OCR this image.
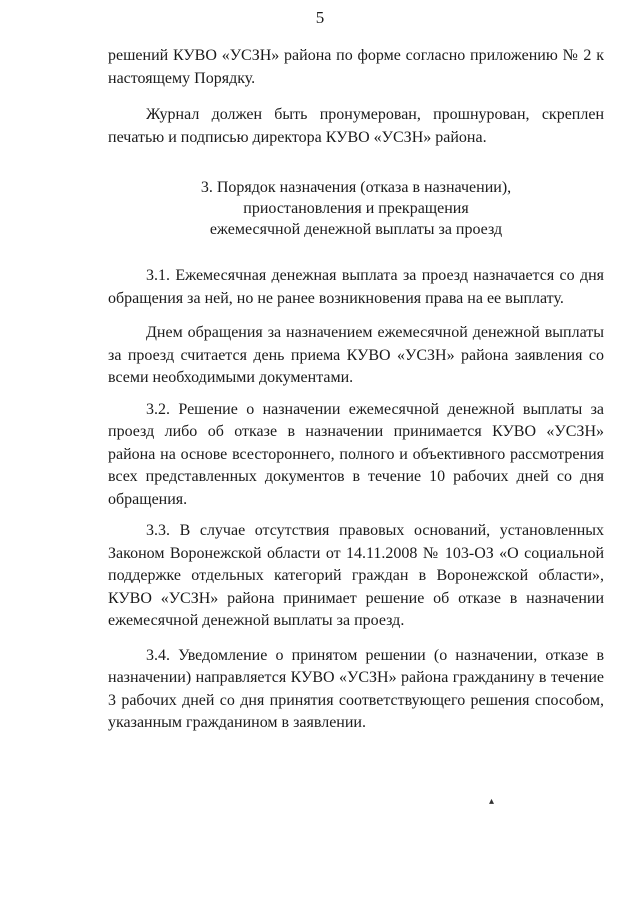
5

решений КУВО «УСЗН» района по форме согласно приложению № 2 к настоящему Порядку.

Журнал должен быть пронумерован, прошнурован, скреплен печатью и подписью директора КУВО «УСЗН» района.

3. Порядок назначения (отказа в назначении),
приостановления и прекращения
ежемесячной денежной выплаты за проезд

3.1. Ежемесячная денежная выплата за проезд назначается со дня обращения за ней, но не ранее возникновения права на ее выплату.

Днем обращения за назначением ежемесячной денежной выплаты за проезд считается день приема КУВО «УСЗН» района заявления со всеми необходимыми документами.

3.2. Решение о назначении ежемесячной денежной выплаты за проезд либо об отказе в назначении принимается КУВО «УСЗН» района на основе всестороннего, полного и объективного рассмотрения всех представленных документов в течение 10 рабочих дней со дня обращения.

3.3. В случае отсутствия правовых оснований, установленных Законом Воронежской области от 14.11.2008 № 103-ОЗ «О социальной поддержке отдельных категорий граждан в Воронежской области», КУВО «УСЗН» района принимает решение об отказе в назначении ежемесячной денежной выплаты за проезд.

3.4. Уведомление о принятом решении (о назначении, отказе в назначении) направляется КУВО «УСЗН» района гражданину в течение 3 рабочих дней со дня принятия соответствующего решения способом, указанным гражданином в заявлении.

▴
